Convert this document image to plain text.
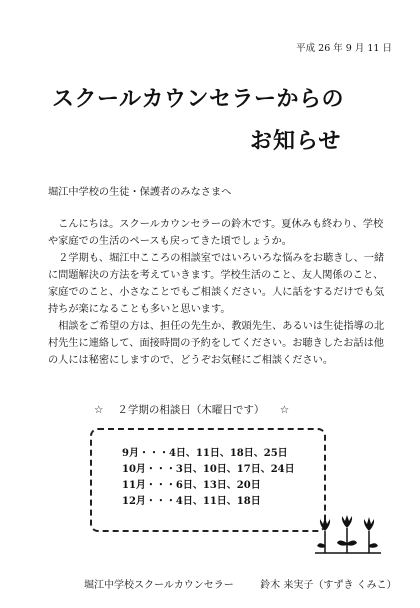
平成 26 年 9 月 11 日
スクールカウンセラーからの
お知らせ
堀江中学校の生徒・保護者のみなさまへ

こんにちは。スクールカウンセラーの鈴木です。夏休みも終わり、学校や家庭での生活のペースも戻ってきた頃でしょうか。

２学期も、堀江中こころの相談室ではいろいろな悩みをお聴きし、一緒に問題解決の方法を考えていきます。学校生活のこと、友人関係のこと、家庭でのこと、小さなことでもご相談ください。人に話をするだけでも気持ちが楽になることも多いと思います。

相談をご希望の方は、担任の先生か、教頭先生、あるいは生徒指導の北村先生に連絡して、面接時間の予約をしてください。お聴きしたお話は他の人には秘密にしますので、どうぞお気軽にご相談ください。

☆ ２学期の相談日（木曜日です） ☆
9月・・・4日、11日、18日、25日
10月・・・3日、10日、17日、24日
11月・・・6日、13日、20日
12月・・・4日、11日、18日
堀江中学校スクールカウンセラー	鈴木 来実子（すずき くみこ）
